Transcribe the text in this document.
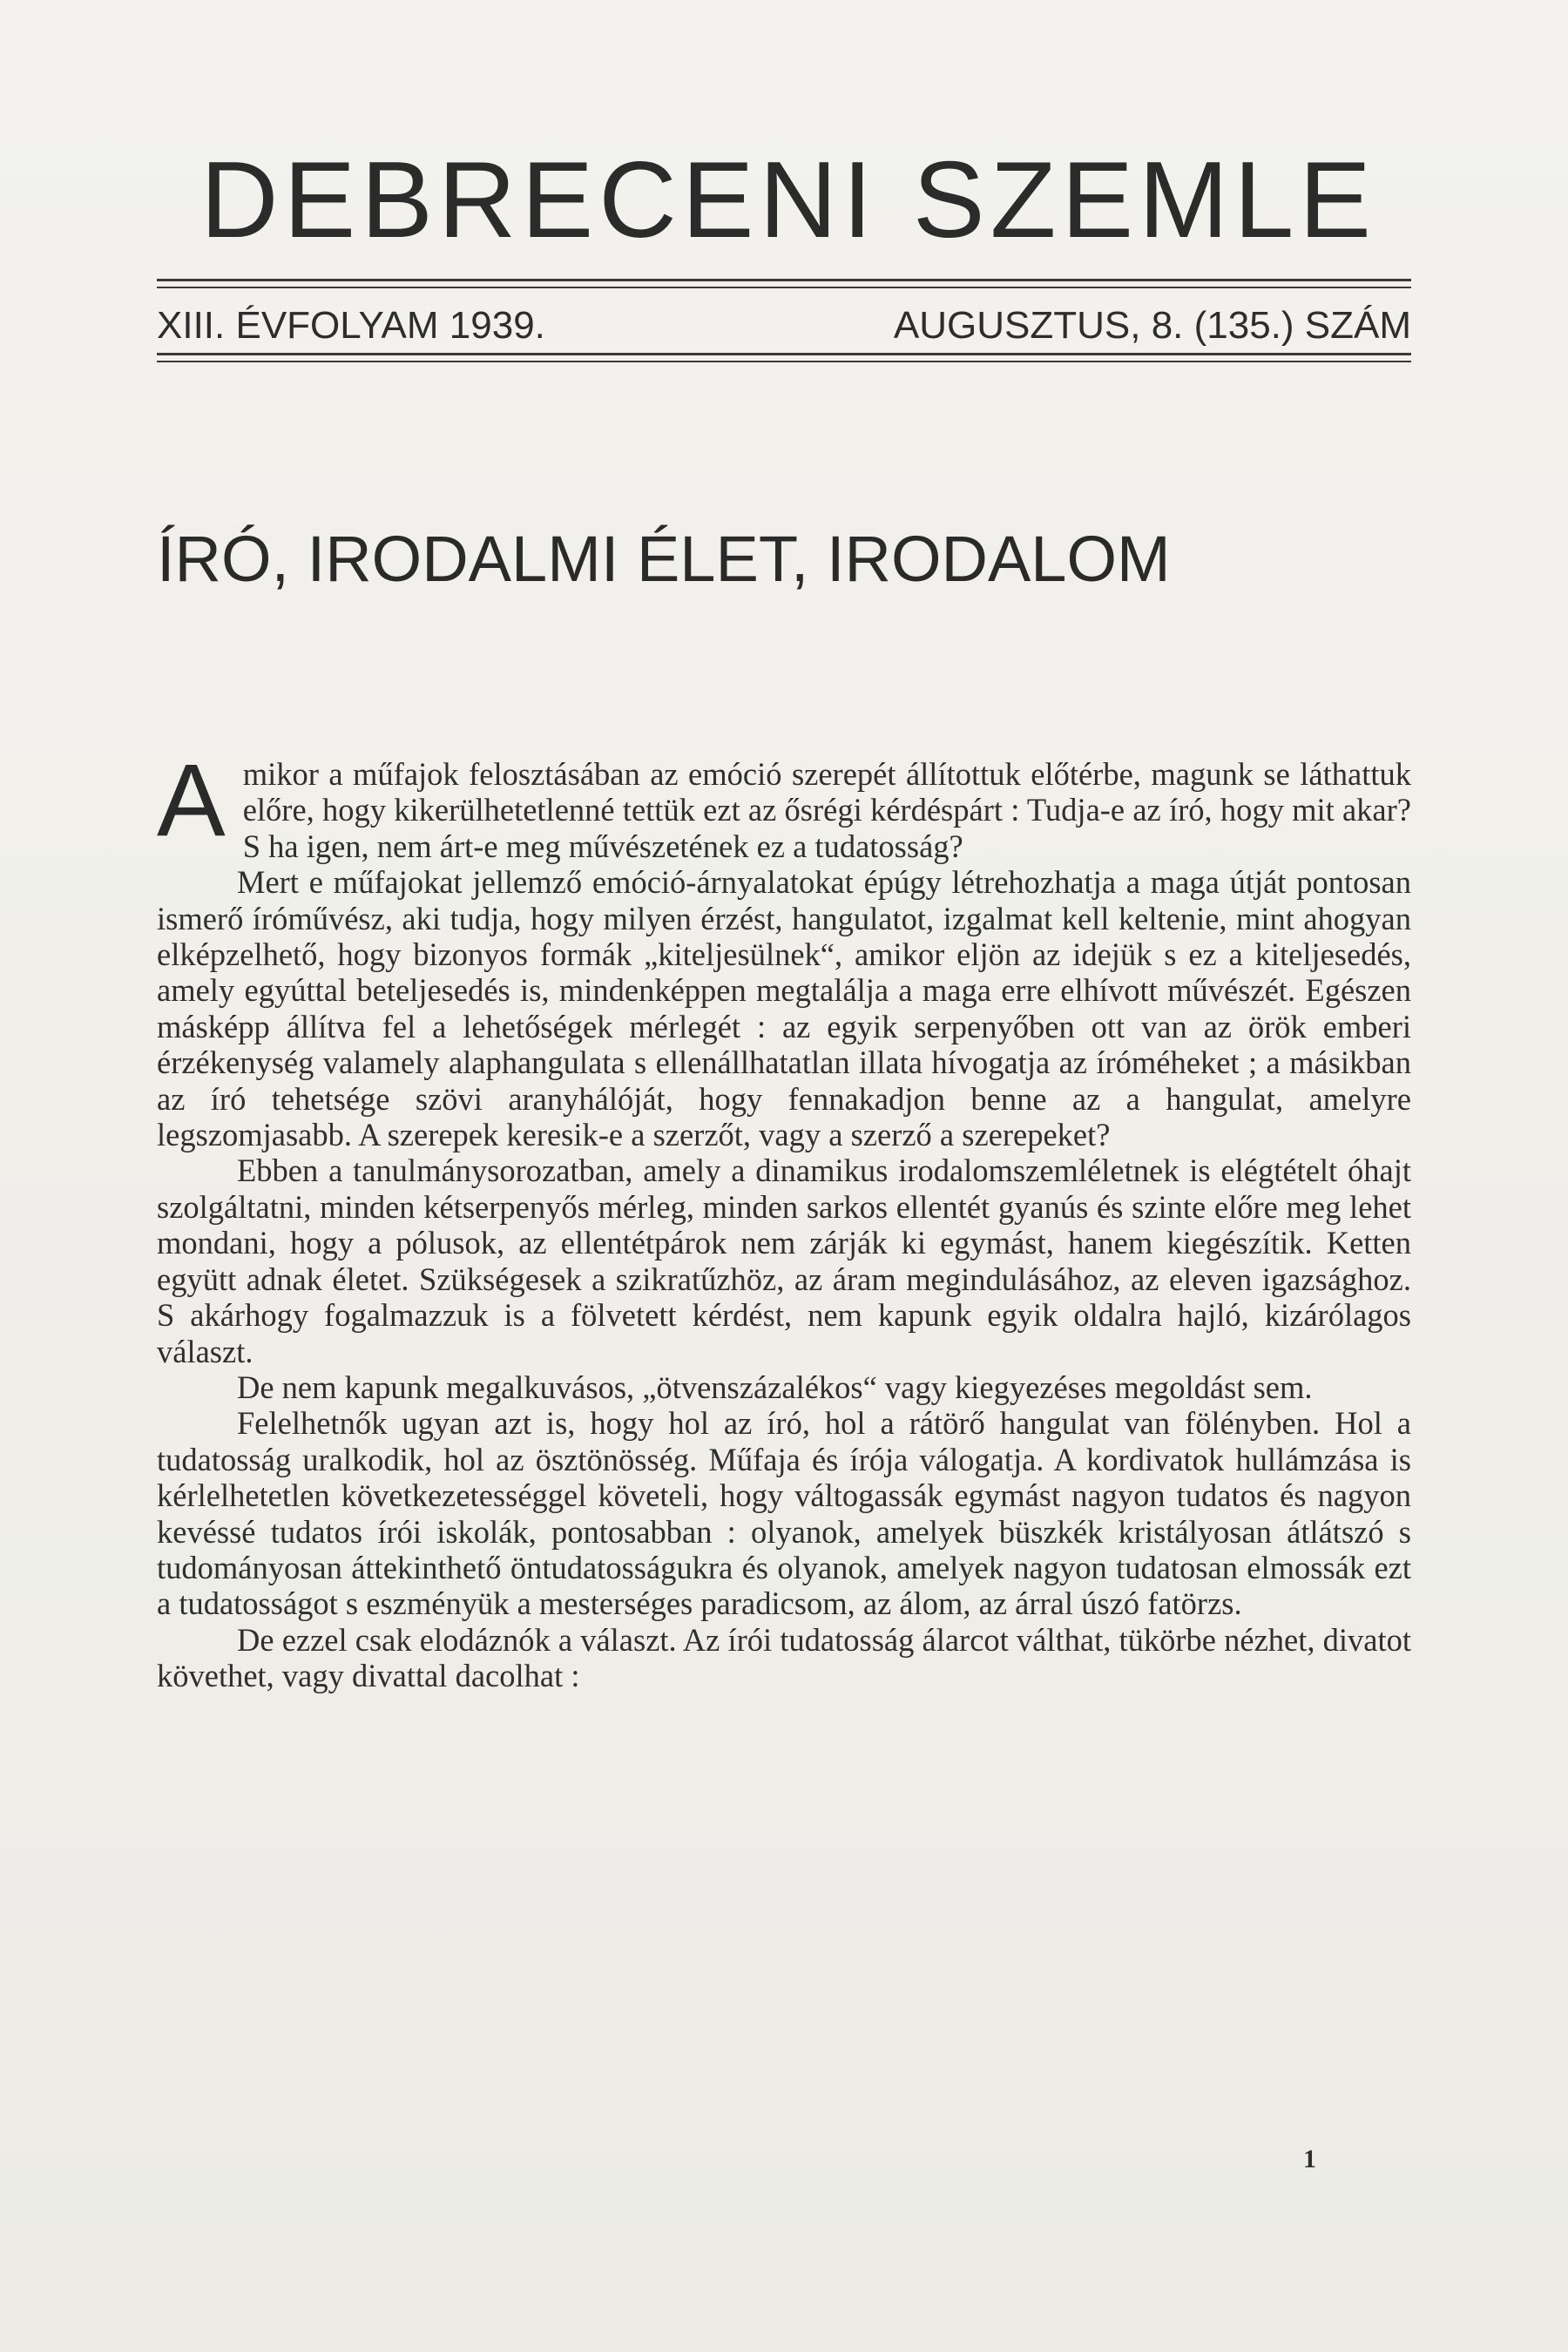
DEBRECENI SZEMLE
XIII. ÉVFOLYAM 1939.	AUGUSZTUS, 8. (135.) SZÁM
ÍRÓ, IRODALMI ÉLET, IRODALOM

Amikor a műfajok felosztásában az emóció szerepét állítottuk előtérbe, magunk se láthattuk előre, hogy kikerülhetetlenné tettük ezt az ősrégi kérdéspárt : Tudja-e az író, hogy mit akar? S ha igen, nem árt-e meg művészetének ez a tudatosság?

Mert e műfajokat jellemző emóció-árnyalatokat épúgy létrehozhatja a maga útját pontosan ismerő íróművész, aki tudja, hogy milyen érzést, hangulatot, izgalmat kell keltenie, mint ahogyan elképzelhető, hogy bizonyos formák „kiteljesülnek“, amikor eljön az idejük s ez a kiteljesedés, amely egyúttal beteljesedés is, mindenképpen megtalálja a maga erre elhívott művészét. Egészen másképp állítva fel a lehetőségek mérlegét : az egyik serpenyőben ott van az örök emberi érzékenység valamely alaphangulata s ellenállhatatlan illata hívogatja az íróméheket ; a másikban az író tehetsége szövi aranyhálóját, hogy fennakadjon benne az a hangulat, amelyre legszomjasabb. A szerepek keresik-e a szerzőt, vagy a szerző a szerepeket?

Ebben a tanulmánysorozatban, amely a dinamikus irodalomszemléletnek is elégtételt óhajt szolgáltatni, minden kétserpenyős mérleg, minden sarkos ellentét gyanús és szinte előre meg lehet mondani, hogy a pólusok, az ellentétpárok nem zárják ki egymást, hanem kiegészítik. Ketten együtt adnak életet. Szükségesek a szikratűzhöz, az áram megindulásához, az eleven igazsághoz. S akárhogy fogalmazzuk is a fölvetett kérdést, nem kapunk egyik oldalra hajló, kizárólagos választ.

De nem kapunk megalkuvásos, „ötvenszázalékos“ vagy kiegyezéses megoldást sem.

Felelhetnők ugyan azt is, hogy hol az író, hol a rátörő hangulat van fölényben. Hol a tudatosság uralkodik, hol az ösztönösség. Műfaja és írója válogatja. A kordivatok hullámzása is kérlelhetetlen következetességgel követeli, hogy váltogassák egymást nagyon tudatos és nagyon kevéssé tudatos írói iskolák, pontosabban : olyanok, amelyek büszkék kristályosan átlátszó s tudományosan áttekinthető öntudatosságukra és olyanok, amelyek nagyon tudatosan elmossák ezt a tudatosságot s eszményük a mesterséges paradicsom, az álom, az árral úszó fatörzs.

De ezzel csak elodáznók a választ. Az írói tudatosság álarcot válthat, tükörbe nézhet, divatot követhet, vagy divattal dacolhat :

1
